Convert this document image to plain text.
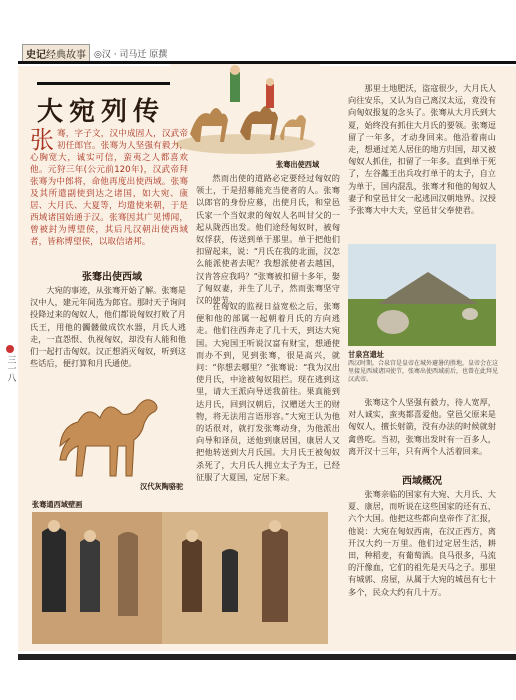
史记经典故事 ◎汉 · 司马迁 原撰
三一八
大宛列传
张骞出使西域
张骞，字子文，汉中成固人，汉武帝初任郎官。张骞为人坚强有毅力，心胸宽大，诚实可信，蛮夷之人都喜欢他。元狩三年(公元前120年)，汉武帝拜张骞为中郎将，命他再度出使西域。张骞及其所遣副使到达之诸国，如大宛、康居、大月氏、大夏等，均遣使来朝，于是西域诸国始通于汉。张骞因其广见博闻，曾被封为博望侯，其后凡汉朝出使西域者，皆称博望侯，以取信诸邦。
张骞出使西域
大宛的事迹，从张骞开始了解。张骞是汉中人，建元年间选为郎官。那时天子询问投降过来的匈奴人，他们都说匈奴打败了月氏王，用他的髑髅做成饮水器，月氏人逃走，一直怨恨、仇视匈奴，却没有人能和他们一起打击匈奴。汉正想消灭匈奴，听到这些话后，便打算和月氏通使。
汉代灰陶骆驼
然而出使的道路必定要经过匈奴的领土，于是招募能充当使者的人。张骞以郎官的身份应募，出使月氏，和堂邑氏家一个当奴隶的匈奴人名叫甘父的一起从陇西出发。他们途经匈奴时，被匈奴俘获，传送到单于那里。单于把他们扣留起来，说：“月氏在我的北面，汉怎么能派使者去呢？我想派使者去越国，汉肯答应我吗？”张骞被扣留十多年，娶了匈奴妻，并生了儿子，然而张骞坚守汉的使节。
在匈奴的监视日益宽松之后，张骞便和他的部属一起朝着月氏的方向逃走。他们往西奔走了几十天，到达大宛国。大宛国王听说汉富有财宝，想通使而办不到，见到张骞，很是高兴，就问：“你想去哪里？”张骞说：“我为汉出使月氏，中途被匈奴阻拦。现在逃到这里，请大王派向导送我前往。果真能到达月氏，回到汉朝后，汉赠送大王的财物，将无法用言语形容。”大宛王认为他的话很对，就打发张骞动身，为他派出向导和译员，送他到康居国，康居人又把他转送到大月氏国。大月氏王被匈奴杀死了，大月氏人拥立太子为王，已经征服了大夏国，定居下来。
张骞通西域壁画
那里土地肥沃，盗寇很少，大月氏人向往安乐，又认为自己离汉太远，竟没有向匈奴报复的念头了。张骞从大月氏到大夏，始终没有抓住大月氏的要领。张骞逗留了一年多，才动身回来。他沿着南山走，想通过羌人居住的地方归国，却又被匈奴人抓住，扣留了一年多。直到单于死了，左谷蠡王出兵攻打单于的太子，自立为单于，国内混乱，张骞才和他的匈奴人妻子和堂邑甘父一起逃回汉朝地界。汉授予张骞大中大夫，堂邑甘父奉使君。
甘泉宫遗址
西汉时期，合泉宫是皇帝在城外避暑的胜地，皇帝会在这里接见西域诸国使节，张骞出使西域前后，也曾在此拜见汉武帝。
张骞这个人坚强有毅力，待人宽厚，对人诚实，蛮夷都喜爱他。堂邑父原来是匈奴人，擅长射箭，没有办法的时候就射禽兽吃。当初，张骞出发时有一百多人，离开汉十三年，只有两个人活着回来。
西域概况
张骞亲临的国家有大宛、大月氏、大夏、康居，而听说在这些国家的还有五、六个大国。他把这些都向皇帝作了汇报，他说：大宛在匈奴西南，在汉正西方，离开汉大约一万里。他们过定居生活，耕田，种稻麦，有葡萄酒。良马很多，马流的汗像血，它们的祖先是天马之子。那里有城郭、房屋，从属于大宛的城邑有七十多个，民众大约有几十万。
